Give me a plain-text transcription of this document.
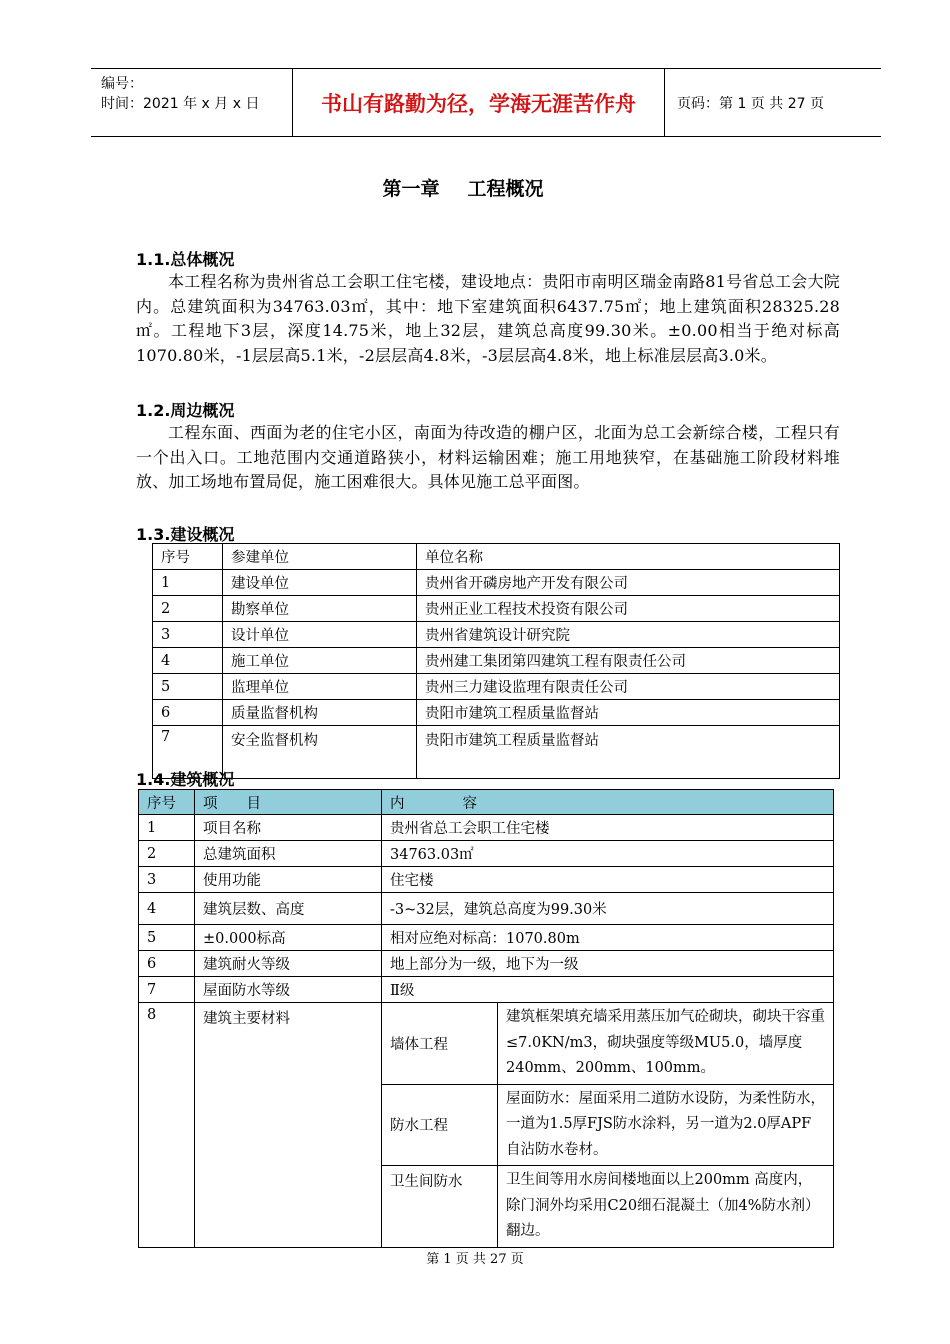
编号：
时间：2021 年 x 月 x 日	书山有路勤为径，学海无涯苦作舟	页码：第 1 页 共 27 页
第一章 工程概况
1.1.总体概况

本工程名称为贵州省总工会职工住宅楼，建设地点：贵阳市南明区瑞金南路81号省总工会大院内。总建筑面积为34763.03㎡，其中：地下室建筑面积6437.75㎡；地上建筑面积28325.28㎡。工程地下3层，深度14.75米，地上32层，建筑总高度99.30米。±0.00相当于绝对标高1070.80米，-1层层高5.1米，-2层层高4.8米，-3层层高4.8米，地上标准层层高3.0米。

1.2.周边概况

工程东面、西面为老的住宅小区，南面为待改造的棚户区，北面为总工会新综合楼，工程只有一个出入口。工地范围内交通道路狭小，材料运输困难；施工用地狭窄，在基础施工阶段材料堆放、加工场地布置局促，施工困难很大。具体见施工总平面图。

1.3.建设概况
序号	参建单位	单位名称
1	建设单位	贵州省开磷房地产开发有限公司
2	勘察单位	贵州正业工程技术投资有限公司
3	设计单位	贵州省建筑设计研究院
4	施工单位	贵州建工集团第四建筑工程有限责任公司
5	监理单位	贵州三力建设监理有限责任公司
6	质量监督机构	贵阳市建筑工程质量监督站
7	安全监督机构	贵阳市建筑工程质量监督站
1.4.建筑概况
序号	项　　目	内　　　　容	
1	项目名称	贵州省总工会职工住宅楼	
2	总建筑面积	34763.03㎡	
3	使用功能	住宅楼	
4	建筑层数、高度	-3~32层，建筑总高度为99.30米	
5	±0.000标高	相对应绝对标高：1070.80m	
6	建筑耐火等级	地上部分为一级，地下为一级	
7	屋面防水等级	Ⅱ级	
8	建筑主要材料	墙体工程	建筑框架填充墙采用蒸压加气砼砌块，砌块干容重≤7.0KN/m3，砌块强度等级MU5.0，墙厚度240mm、200mm、100mm。
		防水工程	屋面防水：屋面采用二道防水设防，为柔性防水，一道为1.5厚FJS防水涂料，另一道为2.0厚APF自沾防水卷材。
		卫生间防水	卫生间等用水房间楼地面以上200mm 高度内，除门洞外均采用C20细石混凝土（加4%防水剂）翻边。
第 1 页 共 27 页
